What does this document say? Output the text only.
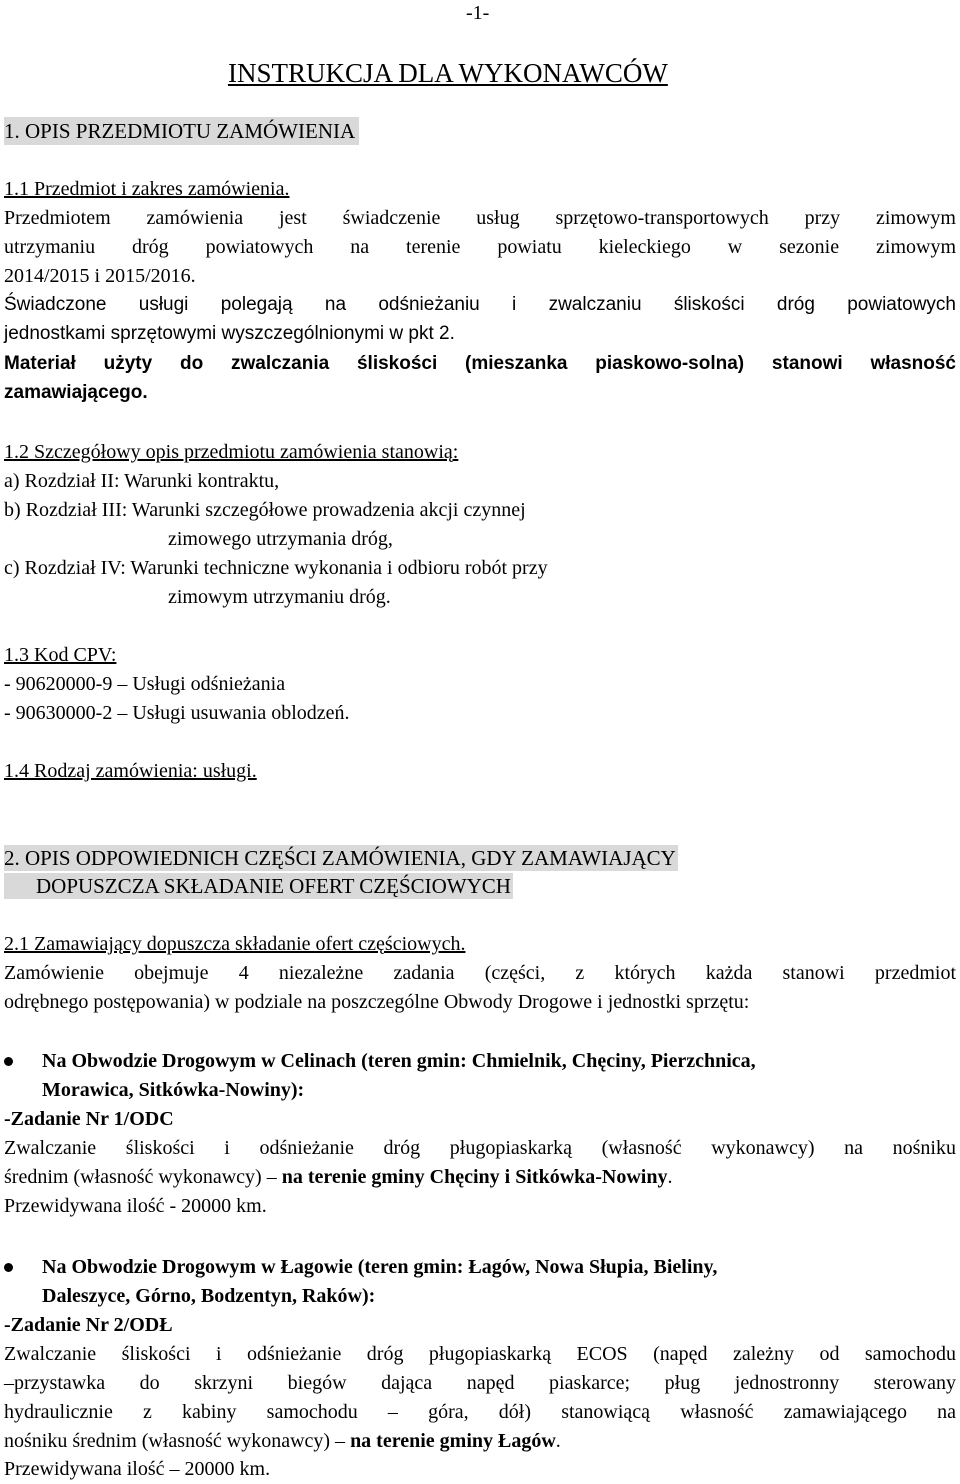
-1-
INSTRUKCJA DLA WYKONAWCÓW
1. OPIS PRZEDMIOTU ZAMÓWIENIA
1.1 Przedmiot i zakres zamówienia.
Przedmiotem zamówienia jest świadczenie usług sprzętowo-transportowych przy zimowym
utrzymaniu dróg powiatowych na terenie powiatu kieleckiego w sezonie zimowym
2014/2015 i 2015/2016.
Świadczone usługi polegają na odśnieżaniu i zwalczaniu śliskości dróg powiatowych
jednostkami sprzętowymi wyszczególnionymi w pkt 2.
Materiał użyty do zwalczania śliskości (mieszanka piaskowo-solna) stanowi własność
zamawiającego.
1.2 Szczegółowy opis przedmiotu zamówienia stanowią:
a) Rozdział II: Warunki kontraktu,
b) Rozdział III: Warunki szczegółowe prowadzenia akcji czynnej
zimowego utrzymania dróg,
c) Rozdział IV: Warunki techniczne wykonania i odbioru robót przy
zimowym utrzymaniu dróg.
1.3 Kod CPV:
- 90620000-9 – Usługi odśnieżania
- 90630000-2 – Usługi usuwania oblodzeń.
1.4 Rodzaj zamówienia: usługi.
2. OPIS ODPOWIEDNICH CZĘŚCI ZAMÓWIENIA, GDY ZAMAWIAJĄCY
DOPUSZCZA SKŁADANIE OFERT CZĘŚCIOWYCH
2.1 Zamawiający dopuszcza składanie ofert częściowych.
Zamówienie obejmuje 4 niezależne zadania (części, z których każda stanowi przedmiot
odrębnego postępowania) w podziale na poszczególne Obwody Drogowe i jednostki sprzętu:
Na Obwodzie Drogowym w Celinach (teren gmin: Chmielnik, Chęciny, Pierzchnica,
Morawica, Sitkówka-Nowiny):
-Zadanie Nr 1/ODC
Zwalczanie śliskości i odśnieżanie dróg pługopiaskarką (własność wykonawcy) na nośniku
średnim (własność wykonawcy) – na terenie gminy Chęciny i Sitkówka-Nowiny.
Przewidywana ilość - 20000 km.
Na Obwodzie Drogowym w Łagowie (teren gmin: Łagów, Nowa Słupia, Bieliny,
Daleszyce, Górno, Bodzentyn, Raków):
-Zadanie Nr 2/ODŁ
Zwalczanie śliskości i odśnieżanie dróg pługopiaskarką ECOS (napęd zależny od samochodu
–przystawka do skrzyni biegów dająca napęd piaskarce; pług jednostronny sterowany
hydraulicznie z kabiny samochodu – góra, dół) stanowiącą własność zamawiającego na
nośniku średnim (własność wykonawcy) – na terenie gminy Łagów.
Przewidywana ilość – 20000 km.
